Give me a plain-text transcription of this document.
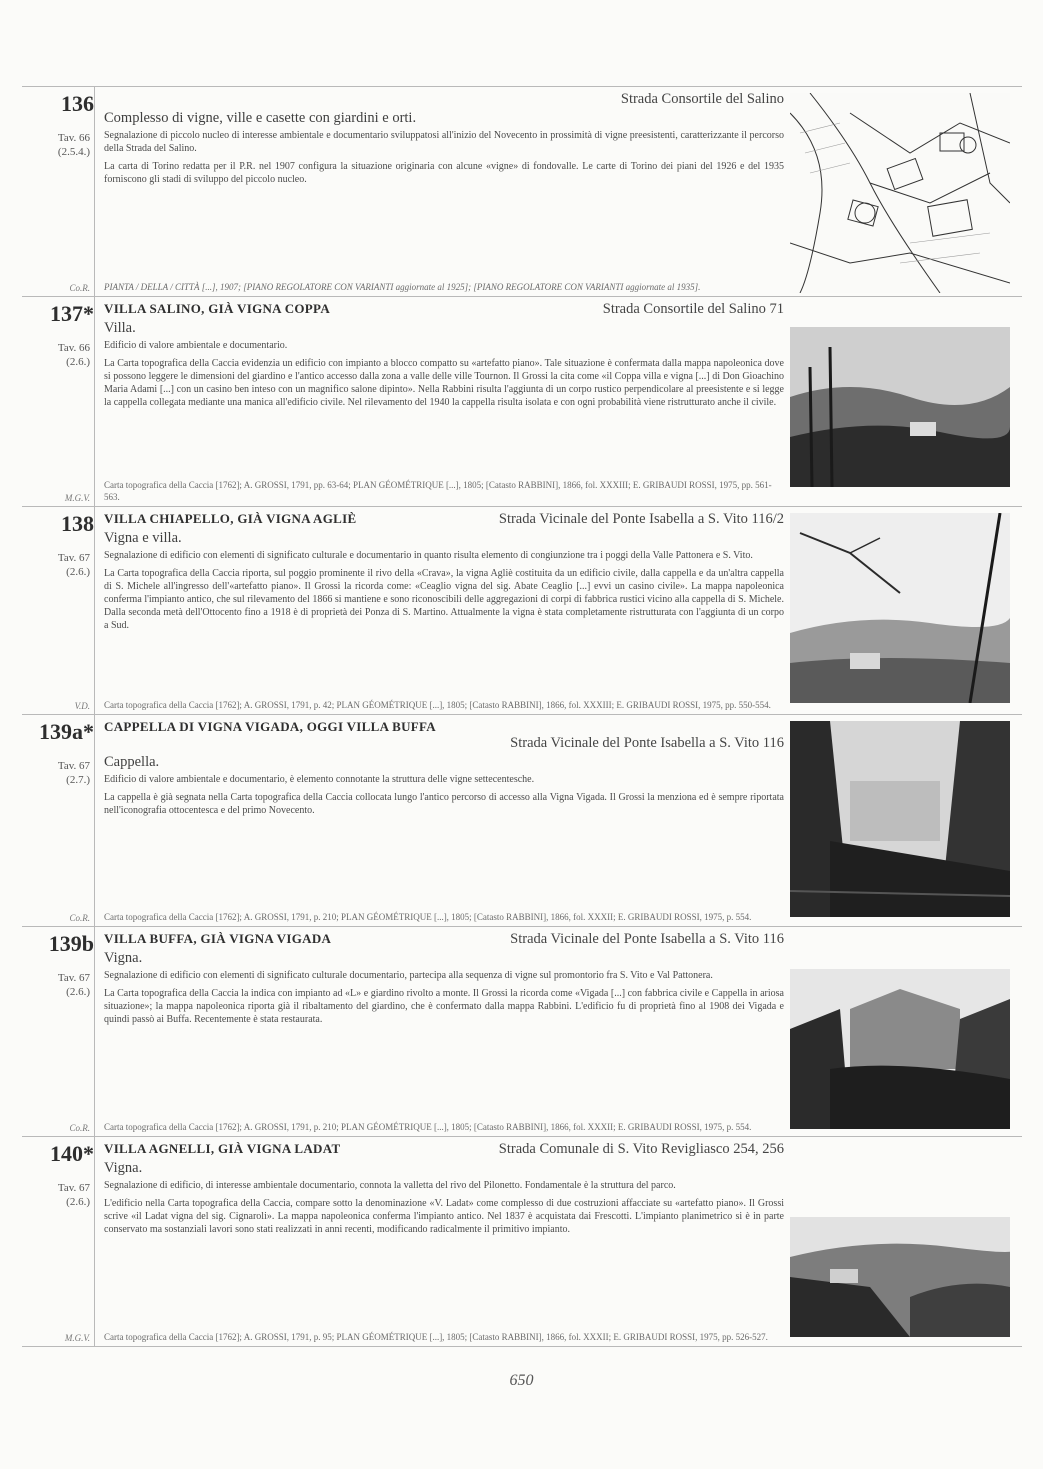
136
Tav. 66
(2.5.4.)
Co.R.
Strada Consortile del Salino
Complesso di vigne, ville e casette con giardini e orti.

Segnalazione di piccolo nucleo di interesse ambientale e documentario sviluppatosi all'inizio del Novecento in prossimità di vigne preesistenti, caratterizzante il percorso della Strada del Salino.

La carta di Torino redatta per il P.R. nel 1907 configura la situazione originaria con alcune «vigne» di fondovalle. Le carte di Torino dei piani del 1926 e del 1935 forniscono gli stadi di sviluppo del piccolo nucleo.

PIANTA / DELLA / CITTÀ [...], 1907; [PIANO REGOLATORE CON VARIANTI aggiornate al 1925]; [PIANO REGOLATORE CON VARIANTI aggiornate al 1935].
137*
Tav. 66
(2.6.)
M.G.V.
VILLA SALINO, GIÀ VIGNA COPPA	Strada Consortile del Salino 71
Villa.

Edificio di valore ambientale e documentario.

La Carta topografica della Caccia evidenzia un edificio con impianto a blocco compatto su «artefatto piano». Tale situazione è confermata dalla mappa napoleonica dove si possono leggere le dimensioni del giardino e l'antico accesso dalla zona a valle delle ville Tournon. Il Grossi la cita come «il Coppa villa e vigna [...] di Don Gioachino Maria Adami [...] con un casino ben inteso con un magnifico salone dipinto». Nella Rabbini risulta l'aggiunta di un corpo rustico perpendicolare al preesistente e si legge la cappella collegata mediante una manica all'edificio civile. Nel rilevamento del 1940 la cappella risulta isolata e con ogni probabilità viene ristrutturato anche il civile.

Carta topografica della Caccia [1762]; A. GROSSI, 1791, pp. 63-64; PLAN GÉOMÉTRIQUE [...], 1805; [Catasto RABBINI], 1866, fol. XXXIII; E. GRIBAUDI ROSSI, 1975, pp. 561-563.
138
Tav. 67
(2.6.)
V.D.
VILLA CHIAPELLO, GIÀ VIGNA AGLIÈ	Strada Vicinale del Ponte Isabella a S. Vito 116/2
Vigna e villa.

Segnalazione di edificio con elementi di significato culturale e documentario in quanto risulta elemento di congiunzione tra i poggi della Valle Pattonera e S. Vito.

La Carta topografica della Caccia riporta, sul poggio prominente il rivo della «Crava», la vigna Agliè costituita da un edificio civile, dalla cappella e da un'altra cappella di S. Michele all'ingresso dell'«artefatto piano». Il Grossi la ricorda come: «Ceaglio vigna del sig. Abate Ceaglio [...] evvi un casino civile». La mappa napoleonica conferma l'impianto antico, che sul rilevamento del 1866 si mantiene e sono riconoscibili delle aggregazioni di corpi di fabbrica rustici vicino alla cappella di S. Michele. Dalla seconda metà dell'Ottocento fino a 1918 è di proprietà dei Ponza di S. Martino. Attualmente la vigna è stata completamente ristrutturata con l'aggiunta di un corpo a Sud.

Carta topografica della Caccia [1762]; A. GROSSI, 1791, p. 42; PLAN GÉOMÉTRIQUE [...], 1805; [Catasto RABBINI], 1866, fol. XXXIII; E. GRIBAUDI ROSSI, 1975, pp. 550-554.
139a*
Tav. 67
(2.7.)
Co.R.
CAPPELLA DI VIGNA VIGADA, OGGI VILLA BUFFA
Strada Vicinale del Ponte Isabella a S. Vito 116
Cappella.

Edificio di valore ambientale e documentario, è elemento connotante la struttura delle vigne settecentesche.

La cappella è già segnata nella Carta topografica della Caccia collocata lungo l'antico percorso di accesso alla Vigna Vigada. Il Grossi la menziona ed è sempre riportata nell'iconografia ottocentesca e del primo Novecento.

Carta topografica della Caccia [1762]; A. GROSSI, 1791, p. 210; PLAN GÉOMÉTRIQUE [...], 1805; [Catasto RABBINI], 1866, fol. XXXII; E. GRIBAUDI ROSSI, 1975, p. 554.
139b
Tav. 67
(2.6.)
Co.R.
VILLA BUFFA, GIÀ VIGNA VIGADA	Strada Vicinale del Ponte Isabella a S. Vito 116
Vigna.

Segnalazione di edificio con elementi di significato culturale documentario, partecipa alla sequenza di vigne sul promontorio fra S. Vito e Val Pattonera.

La Carta topografica della Caccia la indica con impianto ad «L» e giardino rivolto a monte. Il Grossi la ricorda come «Vigada [...] con fabbrica civile e Cappella in ariosa situazione»; la mappa napoleonica riporta già il ribaltamento del giardino, che è confermato dalla mappa Rabbini. L'edificio fu di proprietà fino al 1908 dei Vigada e quindi passò ai Buffa. Recentemente è stata restaurata.

Carta topografica della Caccia [1762]; A. GROSSI, 1791, p. 210; PLAN GÉOMÉTRIQUE [...], 1805; [Catasto RABBINI], 1866, fol. XXXII; E. GRIBAUDI ROSSI, 1975, p. 554.
140*
Tav. 67
(2.6.)
M.G.V.
VILLA AGNELLI, GIÀ VIGNA LADAT	Strada Comunale di S. Vito Revigliasco 254, 256
Vigna.

Segnalazione di edificio, di interesse ambientale documentario, connota la valletta del rivo del Pilonetto. Fondamentale è la struttura del parco.

L'edificio nella Carta topografica della Caccia, compare sotto la denominazione «V. Ladat» come complesso di due costruzioni affacciate su «artefatto piano». Il Grossi scrive «il Ladat vigna del sig. Cignaroli». La mappa napoleonica conferma l'impianto antico. Nel 1837 è acquistata dai Frescotti. L'impianto planimetrico si è in parte conservato ma sostanziali lavori sono stati realizzati in anni recenti, modificando radicalmente il primitivo impianto.

Carta topografica della Caccia [1762]; A. GROSSI, 1791, p. 95; PLAN GÉOMÉTRIQUE [...], 1805; [Catasto RABBINI], 1866, fol. XXXII; E. GRIBAUDI ROSSI, 1975, pp. 526-527.
650
